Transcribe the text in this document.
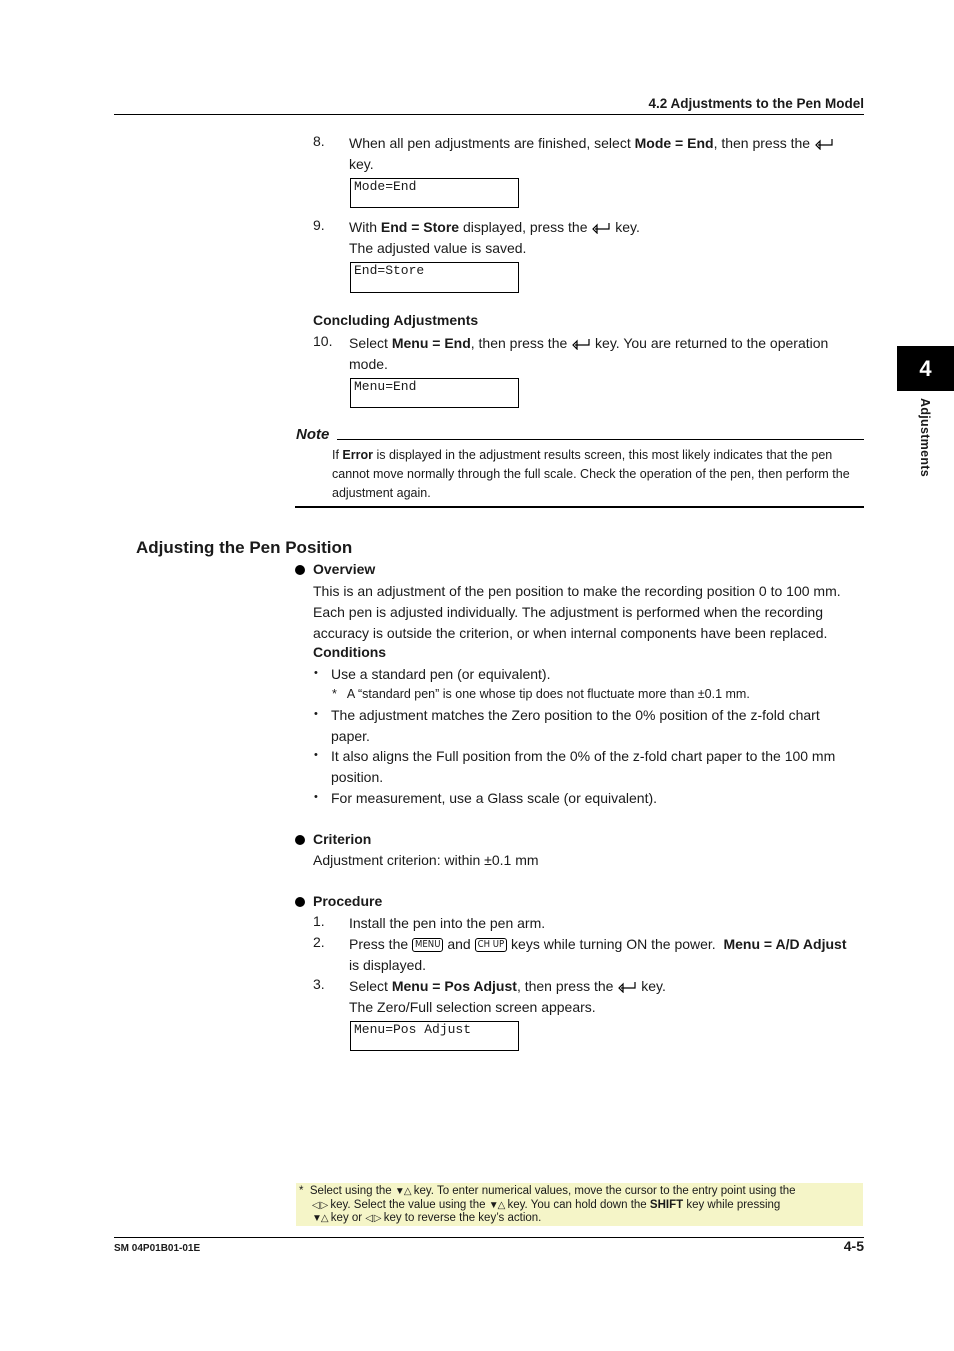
4.2 Adjustments to the Pen Model
4
Adjustments
8. When all pen adjustments are finished, select Mode = End, then press the
key.
Mode=End
9. With End = Store displayed, press the  key.
The adjusted value is saved.
End=Store
Concluding Adjustments
10. Select Menu = End, then press the  key. You are returned to the operation
mode.
Menu=End
Note
If Error is displayed in the adjustment results screen, this most likely indicates that the pen cannot move normally through the full scale. Check the operation of the pen, then perform the adjustment again.
Adjusting the Pen Position
Overview
This is an adjustment of the pen position to make the recording position 0 to 100 mm.
Each pen is adjusted individually. The adjustment is performed when the recording
accuracy is outside the criterion, or when internal components have been replaced.
Conditions
• Use a standard pen (or equivalent).
* A “standard pen” is one whose tip does not fluctuate more than ±0.1 mm.
• The adjustment matches the Zero position to the 0% position of the z-fold chart
paper.
• It also aligns the Full position from the 0% of the z-fold chart paper to the 100 mm
position.
• For measurement, use a Glass scale (or equivalent).
Criterion
Adjustment criterion: within ±0.1 mm
Procedure
1. Install the pen into the pen arm.
2. Press the MENU and CH UP keys while turning ON the power. Menu = A/D Adjust
is displayed.
3. Select Menu = Pos Adjust, then press the  key.
The Zero/Full selection screen appears.
Menu=Pos Adjust
* Select using the ▼△ key. To enter numerical values, move the cursor to the entry point using the
◁ ▷ key. Select the value using the ▼△ key. You can hold down the SHIFT key while pressing
▼△ key or ◁ ▷ key to reverse the key’s action.
SM 04P01B01-01E	4-5
